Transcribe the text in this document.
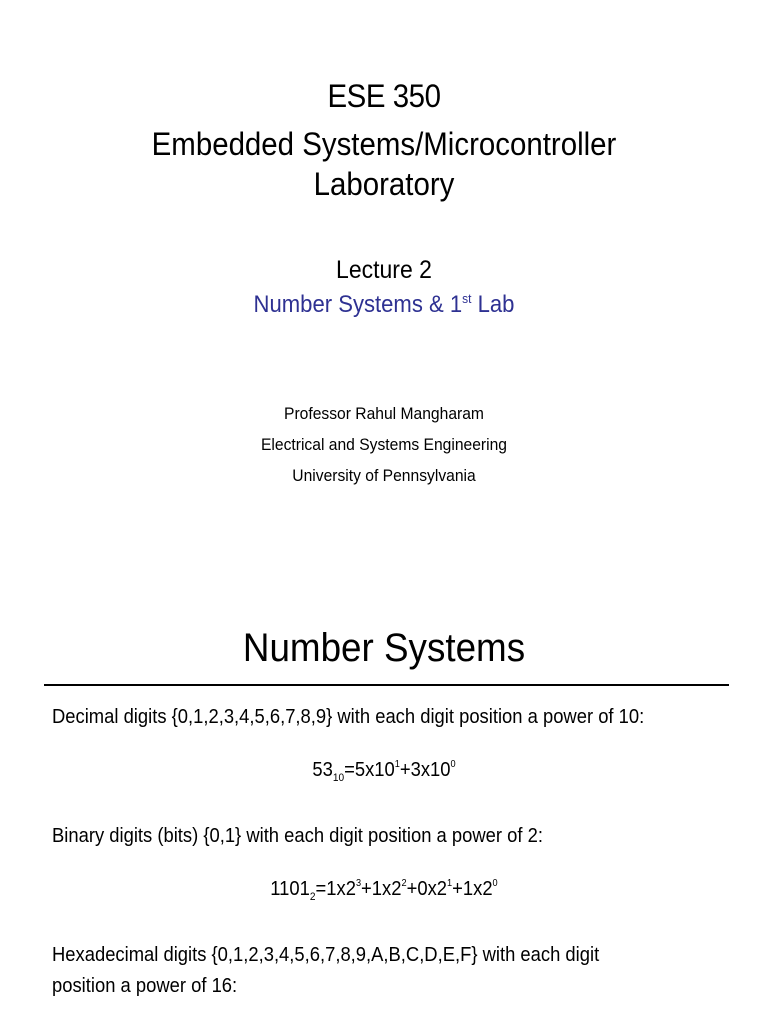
ESE 350
Embedded Systems/Microcontroller
Laboratory
Lecture 2
Number Systems & 1st Lab
Professor Rahul Mangharam
Electrical and Systems Engineering
University of Pennsylvania
Number Systems
Decimal digits {0,1,2,3,4,5,6,7,8,9} with each digit position a power of 10:
$53_{10}=5x10^1+3x10^0$
Binary digits (bits) {0,1} with each digit position a power of 2:
$1101_2=1x2^3+1x2^2+0x2^1+1x2^0$
Hexadecimal digits {0,1,2,3,4,5,6,7,8,9,A,B,C,D,E,F} with each digit
position a power of 16:
